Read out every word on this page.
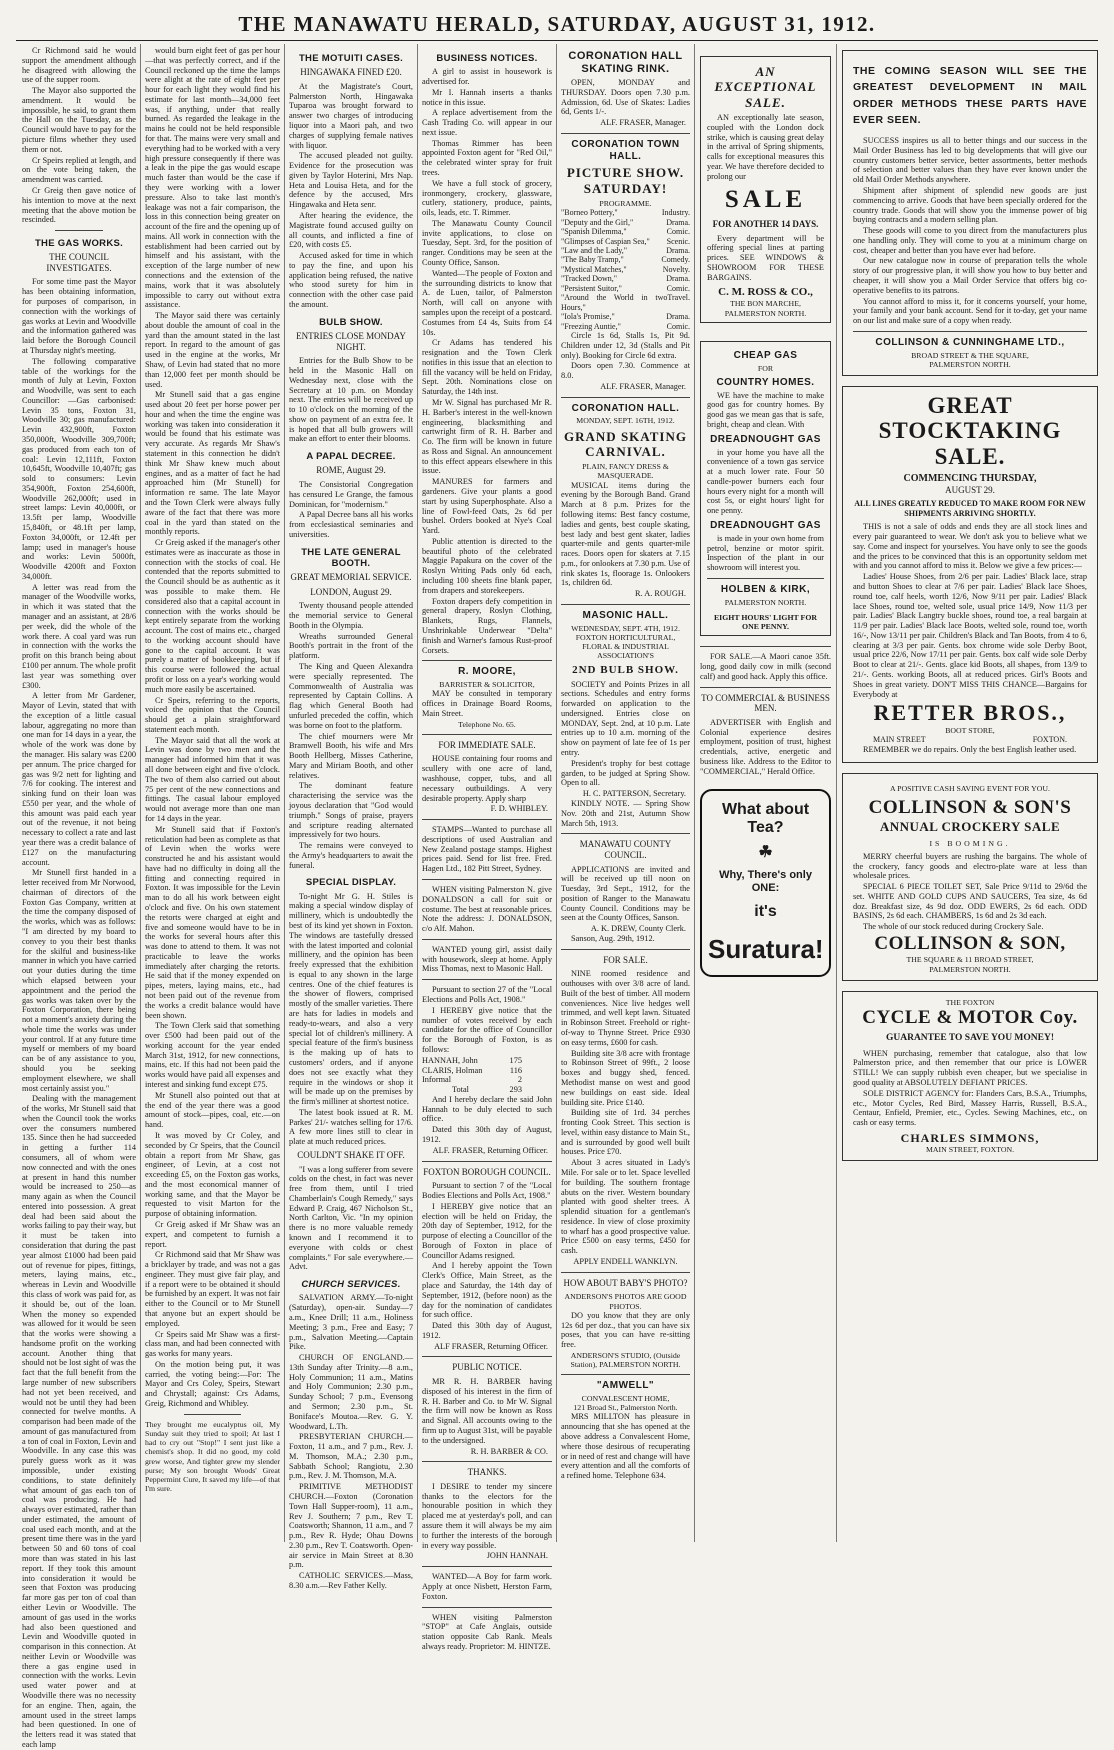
THE MANAWATU HERALD, SATURDAY, AUGUST 31, 1912.

Cr Richmond said he would support the amendment although he disagreed with allowing the use of the supper room.

The Mayor also supported the amendment. It would be impossible, he said, to grant them the Hall on the Tuesday, as the Council would have to pay for the picture films whether they used them or not.

Cr Speirs replied at length, and on the vote being taken, the amendment was carried.

Cr Greig then gave notice of his intention to move at the next meeting that the above motion be rescinded.

THE GAS WORKS.
THE COUNCIL INVESTIGATES.

For some time past the Mayor has been obtaining information, for purposes of comparison, in connection with the workings of gas works at Levin and Woodville and the information gathered was laid before the Borough Council at Thursday night's meeting.

The following comparative table of the workings for the month of July at Levin, Foxton and Woodville, was sent to each Councillor: —Gas carbonised: Levin 35 tons, Foxton 31, Woodville 30; gas manufactured: Levin 432,900ft, Foxton 350,000ft, Woodville 309,700ft; gas produced from each ton of coal: Levin 12,111ft, Foxton 10,645ft, Woodville 10,407ft; gas sold to consumers: Levin 354,900ft, Foxton 254,600ft, Woodville 262,000ft; used in street lamps: Levin 40,000ft, or 13.5ft per lamp, Woodville 15,840ft, or 48.1ft per lamp, Foxton 34,000ft, or 12.4ft per lamp; used in manager's house and works: Levin 5000ft, Woodville 4200ft and Foxton 34,000ft.

A letter was read from the manager of the Woodville works, in which it was stated that the manager and an assistant, at 28/6 per week, did the whole of the work there. A coal yard was run in connection with the works the profit on this branch being about £100 per annum. The whole profit last year was something over £300.

A letter from Mr Gardener, Mayor of Levin, stated that with the exception of a little casual labour, aggregating no more than one man for 14 days in a year, the whole of the work was done by the manager. His salary was £200 per annum. The price charged for gas was 9/2 nett for lighting and 7/6 for cooking. The interest and sinking fund on their loan was £550 per year, and the whole of this amount was paid each year out of the revenue, it not being necessary to collect a rate and last year there was a credit balance of £127 on the manufacturing account.

Mr Stunell first handed in a letter received from Mr Norwood, chairman of directors of the Foxton Gas Company, written at the time the company disposed of the works, which was as follows: "I am directed by my board to convey to you their best thanks for the skilful and business-like manner in which you have carried out your duties during the time which elapsed between your appointment and the period the gas works was taken over by the Foxton Corporation, there being not a moment's anxiety during the whole time the works was under your control. If at any future time myself or members of my board can be of any assistance to you, should you be seeking employment elsewhere, we shall most certainly assist you."

Dealing with the management of the works, Mr Stunell said that when the Council took the works over the consumers numbered 135. Since then he had succeeded in getting a further 114 consumers, all of whom were now connected and with the ones at present in hand this number would be increased to 250—as many again as when the Council entered into possession. A great deal had been said about the works failing to pay their way, but it must be taken into consideration that during the past year almost £1000 had been paid out of revenue for pipes, fittings, meters, laying mains, etc., whereas in Levin and Woodville this class of work was paid for, as it should be, out of the loan. When the money so expended was allowed for it would be seen that the works were showing a handsome profit on the working account. Another thing that should not be lost sight of was the fact that the full benefit from the large number of new subscribers had not yet been received, and would not be until they had been connected for twelve months. A comparison had been made of the amount of gas manufactured from a ton of coal in Foxton, Levin and Woodville. In any case this was purely guess work as it was impossible, under existing conditions, to state definitely what amount of gas each ton of coal was producing. He had always over estimated, rather than under estimated, the amount of coal used each month, and at the present time there was in the yard between 50 and 60 tons of coal more than was stated in his last report. If they took this amount into consideration it would be seen that Foxton was producing far more gas per ton of coal than either Levin or Woodville. The amount of gas used in the works had also been questioned and Levin and Woodville quoted in comparison in this connection. At neither Levin or Woodville was there a gas engine used in connection with the works. Levin used water power and at Woodville there was no necessity for an engine. Then, again, the amount used in the street lamps had been questioned. In one of the letters read it was stated that each lamp

would burn eight feet of gas per hour—that was perfectly correct, and if the Council reckoned up the time the lamps were alight at the rate of eight feet per hour for each light they would find his estimate for last month—34,000 feet was, if anything, under that really burned. As regarded the leakage in the mains he could not be held responsible for that. The mains were very small and everything had to be worked with a very high pressure consequently if there was a leak in the pipe the gas would escape much faster than would be the case if they were working with a lower pressure. Also to take last month's leakage was not a fair comparison, the loss in this connection being greater on account of the fire and the opening up of mains. All work in connection with the establishment had been carried out by himself and his assistant, with the exception of the large number of new connections and the extension of the mains, work that it was absolutely impossible to carry out without extra assistance.

The Mayor said there was certainly about double the amount of coal in the yard than the amount stated in the last report. In regard to the amount of gas used in the engine at the works, Mr Shaw, of Levin had stated that no more than 12,000 feet per month should be used.

Mr Stunell said that a gas engine used about 20 feet per horse power per hour and when the time the engine was working was taken into consideration it would be found that his estimate was very accurate. As regards Mr Shaw's statement in this connection he didn't think Mr Shaw knew much about engines, and as a matter of fact he had approached him (Mr Stunell) for information re same. The late Mayor and the Town Clerk were always fully aware of the fact that there was more coal in the yard than stated on the monthly reports.

Cr Greig asked if the manager's other estimates were as inaccurate as those in connection with the stocks of coal. He contended that the reports submitted to the Council should be as authentic as it was possible to make them. He considered also that a capital account in connection with the works should be kept entirely separate from the working account. The cost of mains etc., charged to the working account should have gone to the capital account. It was purely a matter of bookkeeping, but if this course were followed the actual profit or loss on a year's working would much more easily be ascertained.

Cr Speirs, referring to the reports, voiced the opinion that the Council should get a plain straightforward statement each month.

The Mayor said that all the work at Levin was done by two men and the manager had informed him that it was all done between eight and five o'clock. The two of them also carried out about 75 per cent of the new connections and fittings. The casual labour employed would not average more than one man for 14 days in the year.

Mr Stunell said that if Foxton's reticulation had been as complete as that of Levin when the works were constructed he and his assistant would have had no difficulty in doing all the fitting and connecting required in Foxton. It was impossible for the Levin man to do all his work between eight o'clock and five. On his own statement the retorts were charged at eight and five and someone would have to be in the works for several hours after this was done to attend to them. It was not practicable to leave the works immediately after charging the retorts. He said that if the money expended on pipes, meters, laying mains, etc., had not been paid out of the revenue from the works a credit balance would have been shown.

The Town Clerk said that something over £500 had been paid out of the working account for the year ended March 31st, 1912, for new connections, mains, etc. If this had not been paid the works would have paid all expenses and interest and sinking fund except £75.

Mr Stunell also pointed out that at the end of the year there was a good amount of stock—pipes, coal, etc.—on hand.

It was moved by Cr Coley, and seconded by Cr Speirs, that the Council obtain a report from Mr Shaw, gas engineer, of Levin, at a cost not exceeding £5, on the Foxton gas works, and the most economical manner of working same, and that the Mayor be requested to visit Marton for the purpose of obtaining information.

Cr Greig asked if Mr Shaw was an expert, and competent to furnish a report.

Cr Richmond said that Mr Shaw was a bricklayer by trade, and was not a gas engineer. They must give fair play, and if a report were to be obtained it should be furnished by an expert. It was not fair either to the Council or to Mr Stunell that anyone but an expert should be employed.

Cr Speirs said Mr Shaw was a first-class man, and had been connected with gas works for many years.

On the motion being put, it was carried, the voting being:—For: The Mayor and Crs Coley, Speirs, Stewart and Chrystall; against: Crs Adams, Greig, Richmond and Whibley.

They brought me eucalyptus oil, My Sunday suit they tried to spoil; At last I had to cry out "Stop!" I sent just like a chemist's shop. It did no good, my cold grew worse, And tighter grew my slender purse; My son brought Woods' Great Peppermint Cure, It saved my life—of that I'm sure.

THE MOTUITI CASES.
HINGAWAKA FINED £20.

At the Magistrate's Court, Palmerston North, Hingawaka Tuparoa was brought forward to answer two charges of introducing liquor into a Maori pah, and two charges of supplying female natives with liquor.

The accused pleaded not guilty. Evidence for the prosecution was given by Taylor Hoterini, Mrs Nap. Heta and Louisa Heta, and for the defence by the accused, Mrs Hingawaka and Heta senr.

After hearing the evidence, the Magistrate found accused guilty on all counts, and inflicted a fine of £20, with costs £5.

Accused asked for time in which to pay the fine, and upon his application being refused, the native who stood surety for him in connection with the other case paid the amount.

BULB SHOW.
ENTRIES CLOSE MONDAY NIGHT.

Entries for the Bulb Show to be held in the Masonic Hall on Wednesday next, close with the Secretary at 10 p.m. on Monday next. The entries will be received up to 10 o'clock on the morning of the show on payment of an extra fee. It is hoped that all bulb growers will make an effort to enter their blooms.

A PAPAL DECREE.
ROME, August 29.

The Consistorial Congregation has censured Le Grange, the famous Dominican, for "modernism."

A Papal Decree bans all his works from ecclesiastical seminaries and universities.

THE LATE GENERAL BOOTH.
GREAT MEMORIAL SERVICE.
LONDON, August 29.

Twenty thousand people attended the memorial service to General Booth in the Olympia.

Wreaths surrounded General Booth's portrait in the front of the platform.

The King and Queen Alexandra were specially represented. The Commonwealth of Australia was represented by Captain Collins. A flag which General Booth had unfurled preceded the coffin, which was borne on foot to the platform.

The chief mourners were Mr Bramwell Booth, his wife and Mrs Booth Hellberg, Misses Catherine, Mary and Miriam Booth, and other relatives.

The dominant feature characterising the service was the joyous declaration that "God would triumph." Songs of praise, prayers and scripture reading alternated impressively for two hours.

The remains were conveyed to the Army's headquarters to await the funeral.

SPECIAL DISPLAY.

To-night Mr G. H. Stiles is making a special window display of millinery, which is undoubtedly the best of its kind yet shown in Foxton. The windows are tastefully dressed with the latest imported and colonial millinery, and the opinion has been freely expressed that the exhibition is equal to any shown in the large centres. One of the chief features is the shower of flowers, comprised mostly of the smaller varieties. There are hats for ladies in models and ready-to-wears, and also a very special lot of children's millinery. A special feature of the firm's business is the making up of hats to customers' orders, and if anyone does not see exactly what they require in the windows or shop it will be made up on the premises by the firm's milliner at shortest notice.

The latest book issued at R. M. Parkes' 21/- watches selling for 17/6. A few more lines still to clear in plate at much reduced prices.

COULDN'T SHAKE IT OFF.

"I was a long sufferer from severe colds on the chest, in fact was never free from them, until I tried Chamberlain's Cough Remedy," says Edward P. Craig, 467 Nicholson St., North Carlton, Vic. "In my opinion there is no more valuable remedy known and I recommend it to everyone with colds or chest complaints." For sale everywhere.—Advt.

CHURCH SERVICES.

SALVATION ARMY.—To-night (Saturday), open-air. Sunday—7 a.m., Knee Drill; 11 a.m., Holiness Meeting; 3 p.m., Free and Easy; 7 p.m., Salvation Meeting.—Captain Pike.

CHURCH OF ENGLAND.—13th Sunday after Trinity.—8 a.m., Holy Communion; 11 a.m., Matins and Holy Communion; 2.30 p.m., Sunday School; 7 p.m., Evensong and Sermon; 2.30 p.m., St. Boniface's Moutoa.—Rev. G. Y. Woodward, L.Th.

PRESBYTERIAN CHURCH.—Foxton, 11 a.m., and 7 p.m., Rev. J. M. Thomson, M.A.; 2.30 p.m., Sabbath School; Rangiotu, 2.30 p.m., Rev. J. M. Thomson, M.A.

PRIMITIVE METHODIST CHURCH.—Foxton (Coronation Town Hall Supper-room), 11 a.m., Rev J. Southern; 7 p.m., Rev T. Coatsworth; Shannon, 11 a.m., and 7 p.m., Rev R. Hyde; Ohau Downs 2.30 p.m., Rev T. Coatsworth. Open-air service in Main Street at 8.30 p.m.

CATHOLIC SERVICES.—Mass, 8.30 a.m.—Rev Father Kelly.

BUSINESS NOTICES.

A girl to assist in housework is advertised for.

Mr I. Hannah inserts a thanks notice in this issue.

A replace advertisement from the Cash Trading Co. will appear in our next issue.

Thomas Rimmer has been appointed Foxton agent for "Red Oil," the celebrated winter spray for fruit trees.

We have a full stock of grocery, ironmongery, crockery, glassware, cutlery, stationery, produce, paints, oils, leads, etc. T. Rimmer.

The Manawatu County Council invite applications, to close on Tuesday, Sept. 3rd, for the position of ranger. Conditions may be seen at the County Office, Sanson.

Wanted—The people of Foxton and the surrounding districts to know that A. de Luen, tailor, of Palmerston North, will call on anyone with samples upon the receipt of a postcard. Costumes from £4 4s, Suits from £4 10s.

Cr Adams has tendered his resignation and the Town Clerk notifies in this issue that an election to fill the vacancy will be held on Friday, Sept. 20th. Nominations close on Saturday, the 14th inst.

Mr W. Signal has purchased Mr R. H. Barber's interest in the well-known engineering, blacksmithing and cartwright firm of R. H. Barber and Co. The firm will be known in future as Ross and Signal. An announcement to this effect appears elsewhere in this issue.

MANURES for farmers and gardeners. Give your plants a good start by using Superphosphate. Also a line of Fowl-feed Oats, 2s 6d per bushel. Orders booked at Nye's Coal Yard.

Public attention is directed to the beautiful photo of the celebrated Maggie Papakura on the cover of the Roslyn Writing Pads only 6d each, including 100 sheets fine blank paper, from drapers and storekeepers.

Foxton drapers defy competition in general drapery, Roslyn Clothing, Blankets, Rugs, Flannels, Unshrinkable Underwear "Delta" finish and Warner's famous Rust-proof Corsets.

R. MOORE,
BARRISTER & SOLICITOR,

MAY be consulted in temporary offices in Drainage Board Rooms, Main Street.

Telephone No. 65.
FOR IMMEDIATE SALE.

HOUSE containing four rooms and scullery with one acre of land, washhouse, copper, tubs, and all necessary outbuildings. A very desirable property. Apply sharp

F. D. WHIBLEY.

STAMPS—Wanted to purchase all descriptions of used Australian and New Zealand postage stamps. Highest prices paid. Send for list free. Fred. Hagen Ltd., 182 Pitt Street, Sydney.

WHEN visiting Palmerston N. give DONALDSON a call for suit or costume. The best at reasonable prices. Note the address: J. DONALDSON, c/o Alf. Mahon.

WANTED young girl, assist daily with housework, sleep at home. Apply Miss Thomas, next to Masonic Hall.

Pursuant to section 27 of the "Local Elections and Polls Act, 1908."

I HEREBY give notice that the number of votes received by each candidate for the office of Councillor for the Borough of Foxton, is as follows:

HANNAH, John	175
CLARIS, Holman	116
Informal	2
Total	293

And I hereby declare the said John Hannah to be duly elected to such office.

Dated this 30th day of August, 1912.

ALF. FRASER, Returning Officer.
FOXTON BOROUGH COUNCIL.

Pursuant to section 7 of the "Local Bodies Elections and Polls Act, 1908."

I HEREBY give notice that an election will be held on Friday, the 20th day of September, 1912, for the purpose of electing a Councillor of the Borough of Foxton in place of Councillor Adams resigned.

And I hereby appoint the Town Clerk's Office, Main Street, as the place and Saturday, the 14th day of September, 1912, (before noon) as the day for the nomination of candidates for such office.

Dated this 30th day of August, 1912.

ALF FRASER, Returning Officer.
PUBLIC NOTICE.

MR R. H. BARBER having disposed of his interest in the firm of R. H. Barber and Co. to Mr W. Signal the firm will now be known as Ross and Signal. All accounts owing to the firm up to August 31st, will be payable to the undersigned.

R. H. BARBER & CO.
THANKS.

I DESIRE to tender my sincere thanks to the electors for the honourable position in which they placed me at yesterday's poll, and can assure them it will always be my aim to further the interests of the borough in every way possible.

JOHN HANNAH.

WANTED—A Boy for farm work. Apply at once Nisbett, Herston Farm, Foxton.

WHEN visiting Palmerston "STOP" at Cafe Anglais, outside station opposite Cab Rank. Meals always ready. Proprietor: M. HINTZE.

CORONATION HALL SKATING RINK.

OPEN, MONDAY and THURSDAY. Doors open 7.30 p.m. Admission, 6d. Use of Skates: Ladies 6d, Gents 1/-.

ALF. FRASER, Manager.
CORONATION TOWN HALL.
PICTURE SHOW. SATURDAY!
PROGRAMME.
"Borneo Pottery,"	Industry.
"Deputy and the Girl,"	Drama.
"Spanish Dilemma,"	Comic.
"Glimpses of Caspian Sea," Scenic.
"Law and the Lady,"	Drama.
"The Baby Tramp,"	Comedy.
"Mystical Matches,"	Novelty.
"Tracked Down,"	Drama.
"Persistent Suitor,"	Comic.
"Around the World in two Hours,"
Travel.
"Iola's Promise,"	Drama.
"Freezing Auntie,"	Comic.

Circle 1s 6d, Stalls 1s, Pit 9d. Children under 12, 3d (Stalls and Pit only). Booking for Circle 6d extra.

Doors open 7.30. Commence at 8.0.

ALF. FRASER, Manager.
CORONATION HALL.
MONDAY, SEPT. 16TH, 1912.
GRAND SKATING CARNIVAL.
PLAIN, FANCY DRESS & MASQUERADE.

MUSICAL items during the evening by the Borough Band. Grand March at 8 p.m. Prizes for the following items: Best fancy costume, ladies and gents, best couple skating, best lady and best gent skater, ladies quarter-mile and gents quarter-mile races. Doors open for skaters at 7.15 p.m., for onlookers at 7.30 p.m. Use of rink skates 1s, floorage 1s. Onlookers 1s, children 6d.

R. A. ROUGH.
MASONIC HALL.
WEDNESDAY, SEPT. 4TH, 1912.
FOXTON HORTICULTURAL, FLORAL & INDUSTRIAL ASSOCIATION'S
2ND BULB SHOW.

SOCIETY and Points Prizes in all sections. Schedules and entry forms forwarded on application to the undersigned. Entries close on MONDAY, Sept. 2nd, at 10 p.m. Late entries up to 10 a.m. morning of the show on payment of late fee of 1s per entry.

President's trophy for best cottage garden, to be judged at Spring Show. Open to all.

H. C. PATTERSON, Secretary.

KINDLY NOTE. — Spring Show Nov. 20th and 21st, Autumn Show March 5th, 1913.

MANAWATU COUNTY COUNCIL.

APPLICATIONS are invited and will be received up till noon on Tuesday, 3rd Sept., 1912, for the position of Ranger to the Manawatu County Council. Conditions may be seen at the County Offices, Sanson.

A. K. DREW, County Clerk.

Sanson, Aug. 29th, 1912.

FOR SALE.

NINE roomed residence and outhouses with over 3/8 acre of land. Built of the best of timber. All modern conveniences. Nice live hedges well trimmed, and well kept lawn. Situated in Robinson Street. Freehold or right-of-way to Thynne Street. Price £930 on easy terms, £600 for cash.

Building site 3/8 acre with frontage to Robinson Street of 99ft., 2 loose boxes and buggy shed, fenced. Methodist manse on west and good new buildings on east side. Ideal building site. Price £140.

Building site of 1rd. 34 perches fronting Cook Street. This section is level, within easy distance to Main St., and is surrounded by good well built houses. Price £70.

About 3 acres situated in Lady's Mile. For sale or to let. Space levelled for building. The southern frontage abuts on the river. Western boundary planted with good shelter trees. A splendid situation for a gentleman's residence. In view of close proximity to wharf has a good prospective value. Price £500 on easy terms, £450 for cash.

APPLY ENDELL WANKLYN.
HOW ABOUT BABY'S PHOTO?
ANDERSON'S PHOTOS ARE GOOD PHOTOS.

DO you know that they are only 12s 6d per doz., that you can have six poses, that you can have re-sitting free.

ANDERSON'S STUDIO, (Outside Station), PALMERSTON NORTH.
"AMWELL"
CONVALESCENT HOME,
121 Broad St., Palmerston North.

MRS MILLTON has pleasure in announcing that she has opened at the above address a Convalescent Home, where those desirous of recuperating or in need of rest and change will have every attention and all the comforts of a refined home. Telephone 634.

AN EXCEPTIONAL SALE.

AN exceptionally late season, coupled with the London dock strike, which is causing great delay in the arrival of Spring shipments, calls for exceptional measures this year. We have therefore decided to prolong our

SALE
FOR ANOTHER 14 DAYS.

Every department will be offering special lines at parting prices. SEE WINDOWS & SHOWROOM FOR THESE BARGAINS.

C. M. ROSS & CO.,
THE BON MARCHE,
PALMERSTON NORTH.
CHEAP GAS
FOR
COUNTRY HOMES.

WE have the machine to make good gas for country homes. By good gas we mean gas that is safe, bright, cheap and clean. With

DREADNOUGHT GAS

in your home you have all the convenience of a town gas service at a much lower rate. Four 50 candle-power burners each four hours every night for a month will cost 5s, or eight hours' light for one penny.

DREADNOUGHT GAS

is made in your own home from petrol, benzine or motor spirit. Inspection of the plant in our showroom will interest you.

HOLBEN & KIRK,
PALMERSTON NORTH.
EIGHT HOURS' LIGHT FOR ONE PENNY.

FOR SALE.—A Maori canoe 35ft. long, good daily cow in milk (second calf) and good hack. Apply this office.

TO COMMERCIAL & BUSINESS MEN.

ADVERTISER with English and Colonial experience desires employment, position of trust, highest credentials, active, energetic and business like. Address to the Editor to "COMMERCIAL," Herald Office.

What about
Tea?
☘
Why, There's only ONE:
it's
Suratura!
THE COMING SEASON WILL SEE THE GREATEST DEVELOPMENT IN MAIL ORDER METHODS THESE PARTS HAVE EVER SEEN.

SUCCESS inspires us all to better things and our success in the Mail Order Business has led to big developments that will give our country customers better service, better assortments, better methods of selection and better values than they have ever known under the old Mail Order Methods anywhere.

Shipment after shipment of splendid new goods are just commencing to arrive. Goods that have been specially ordered for the country trade. Goods that will show you the immense power of big buying contracts and a modern selling plan.

These goods will come to you direct from the manufacturers plus one handling only. They will come to you at a minimum charge on cost, cheaper and better than you have ever had before.

Our new catalogue now in course of preparation tells the whole story of our progressive plan, it will show you how to buy better and cheaper, it will show you a Mail Order Service that offers big co-operative benefits to its patrons.

You cannot afford to miss it, for it concerns yourself, your home, your family and your bank account. Send for it to-day, get your name on our list and make sure of a copy when ready.

COLLINSON & CUNNINGHAME LTD.,
BROAD STREET & THE SQUARE,
PALMERSTON NORTH.
GREAT STOCKTAKING SALE.
COMMENCING THURSDAY,
AUGUST 29.
ALL LINES GREATLY REDUCED TO MAKE ROOM FOR NEW SHIPMENTS ARRIVING SHORTLY.

THIS is not a sale of odds and ends they are all stock lines and every pair guaranteed to wear. We don't ask you to believe what we say. Come and inspect for yourselves. You have only to see the goods and the prices to be convinced that this is an opportunity seldom met with and you cannot afford to miss it. Below we give a few prices:—

Ladies' House Shoes, from 2/6 per pair. Ladies' Black lace, strap and button Shoes to clear at 7/6 per pair. Ladies' Black lace Shoes, round toe, calf heels, worth 12/6, Now 9/11 per pair. Ladies' Black lace Shoes, round toe, welted sole, usual price 14/9, Now 11/3 per pair. Ladies' Black Langtry buckle shoes, round toe, a real bargain at 11/9 per pair. Ladies' Black lace Boots, welted sole, round toe, worth 16/-, Now 13/11 per pair. Children's Black and Tan Boots, from 4 to 6, clearing at 3/3 per pair. Gents. box chrome wide sole Derby Boot, usual price 22/6, Now 17/11 per pair. Gents. box calf wide sole Derby Boot to clear at 21/-. Gents. glace kid Boots, all shapes, from 13/9 to 21/-. Gents. working Boots, all at reduced prices. Girl's Boots and Shoes in great variety. DON'T MISS THIS CHANCE—Bargains for Everybody at

RETTER BROS.,
BOOT STORE,
MAIN STREET	FOXTON.

REMEMBER we do repairs. Only the best English leather used.

A POSITIVE CASH SAVING EVENT FOR YOU.
COLLINSON & SON'S
ANNUAL CROCKERY SALE
IS BOOMING.

MERRY cheerful buyers are rushing the bargains. The whole of the crockery, fancy goods and electro-plate ware at less than wholesale prices.

SPECIAL 6 PIECE TOILET SET, Sale Price 9/11d to 29/6d the set. WHITE AND GOLD CUPS AND SAUCERS, Tea size, 4s 6d doz. Breakfast size, 4s 9d doz. ODD EWERS, 2s 6d each. ODD BASINS, 2s 6d each. CHAMBERS, 1s 6d and 2s 3d each.

The whole of our stock reduced during Crockery Sale.

COLLINSON & SON,
THE SQUARE & 11 BROAD STREET,
PALMERSTON NORTH.
THE FOXTON
CYCLE & MOTOR Coy.
GUARANTEE TO SAVE YOU MONEY!

WHEN purchasing, remember that catalogue, also that low Palmerston price, and then remember that our price is LOWER STILL! We can supply rubbish even cheaper, but we specialise in good quality at ABSOLUTELY DEFIANT PRICES.

SOLE DISTRICT AGENCY for: Flanders Cars, B.S.A., Triumphs, etc., Motor Cycles, Red Bird, Massey Harris, Russell, B.S.A., Centaur, Enfield, Premier, etc., Cycles. Sewing Machines, etc., on cash or easy terms.

CHARLES SIMMONS,
MAIN STREET, FOXTON.
